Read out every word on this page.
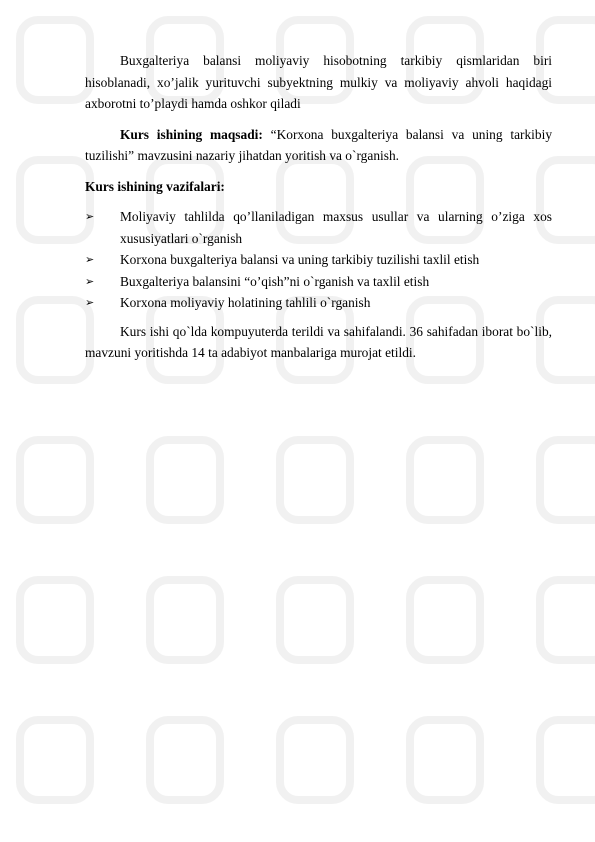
Buxgalteriya balansi moliyaviy hisobotning tarkibiy qismlaridan biri hisoblanadi, xo’jalik yurituvchi subyektning mulkiy va moliyaviy ahvoli haqidagi axborotni to’playdi hamda oshkor qiladi

Kurs ishining maqsadi: “Korxona buxgalteriya balansi va uning tarkibiy tuzilishi” mavzusini nazariy jihatdan yoritish va o`rganish.

Kurs ishining vazifalari:

➢ Moliyaviy tahlilda qo’llaniladigan maxsus usullar va ularning o’ziga xos xususiyatlari o`rganish
➢ Korxona buxgalteriya balansi va uning tarkibiy tuzilishi taxlil etish
➢ Buxgalteriya balansini “o’qish”ni o`rganish va taxlil etish
➢ Korxona moliyaviy holatining tahlili o`rganish

Kurs ishi qo`lda kompuyuterda terildi va sahifalandi. 36 sahifadan iborat bo`lib, mavzuni yoritishda 14 ta adabiyot manbalariga murojat etildi.
